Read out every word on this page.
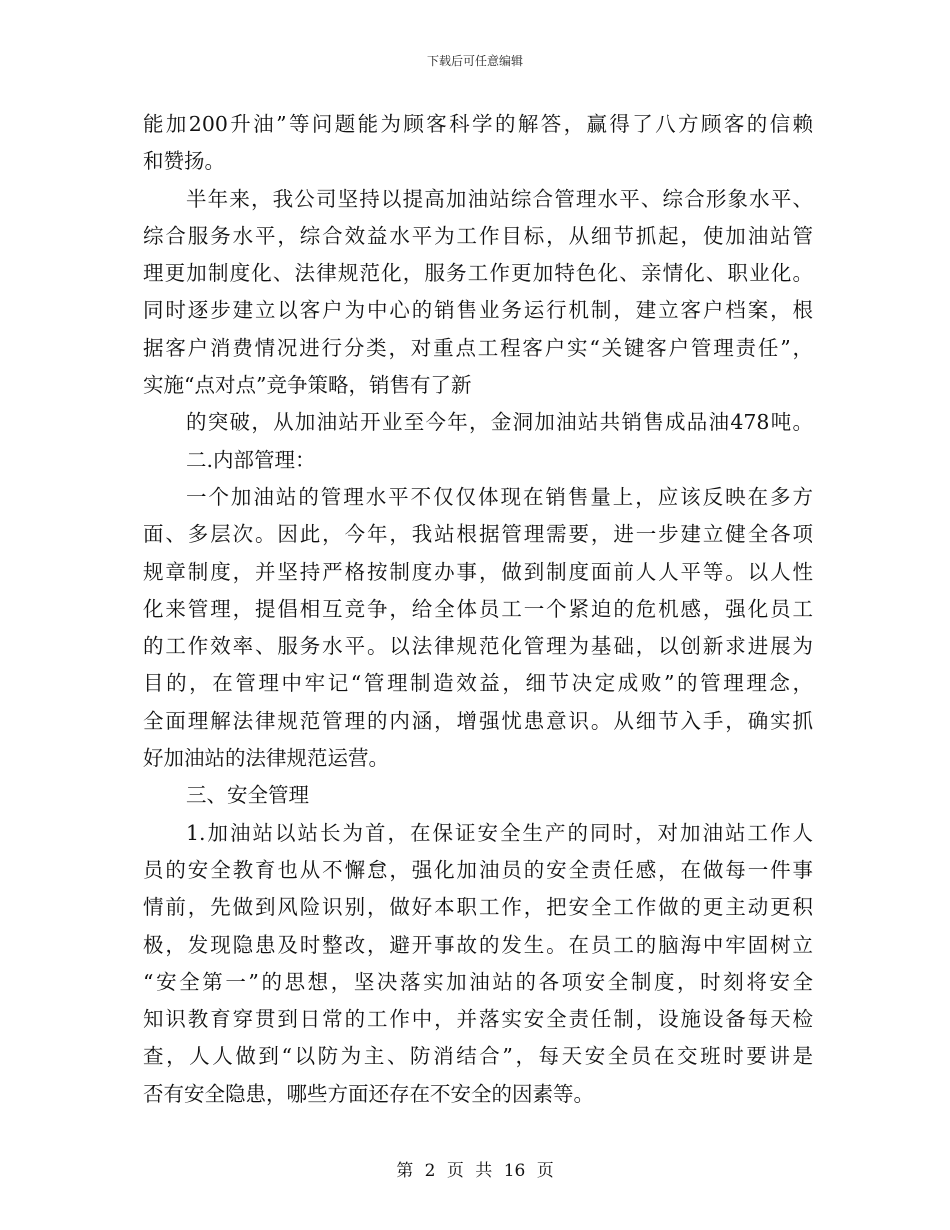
下载后可任意编辑
能加200升油”等问题能为顾客科学的解答，赢得了八方顾客的信赖
和赞扬。
半年来，我公司坚持以提高加油站综合管理水平、综合形象水平、
综合服务水平，综合效益水平为工作目标，从细节抓起，使加油站管
理更加制度化、法律规范化，服务工作更加特色化、亲情化、职业化。
同时逐步建立以客户为中心的销售业务运行机制，建立客户档案，根
据客户消费情况进行分类，对重点工程客户实“关键客户管理责任”，
实施“点对点”竞争策略，销售有了新
的突破，从加油站开业至今年，金洞加油站共销售成品油478吨。
二.内部管理：
一个加油站的管理水平不仅仅体现在销售量上，应该反映在多方
面、多层次。因此，今年，我站根据管理需要，进一步建立健全各项
规章制度，并坚持严格按制度办事，做到制度面前人人平等。以人性
化来管理，提倡相互竞争，给全体员工一个紧迫的危机感，强化员工
的工作效率、服务水平。以法律规范化管理为基础，以创新求进展为
目的，在管理中牢记“管理制造效益，细节决定成败”的管理理念，
全面理解法律规范管理的内涵，增强忧患意识。从细节入手，确实抓
好加油站的法律规范运营。
三、安全管理
1.加油站以站长为首，在保证安全生产的同时，对加油站工作人
员的安全教育也从不懈怠，强化加油员的安全责任感，在做每一件事
情前，先做到风险识别，做好本职工作，把安全工作做的更主动更积
极，发现隐患及时整改，避开事故的发生。在员工的脑海中牢固树立
“安全第一”的思想，坚决落实加油站的各项安全制度，时刻将安全
知识教育穿贯到日常的工作中，并落实安全责任制，设施设备每天检
查，人人做到“以防为主、防消结合”，每天安全员在交班时要讲是
否有安全隐患，哪些方面还存在不安全的因素等。
第 2 页 共 16 页
